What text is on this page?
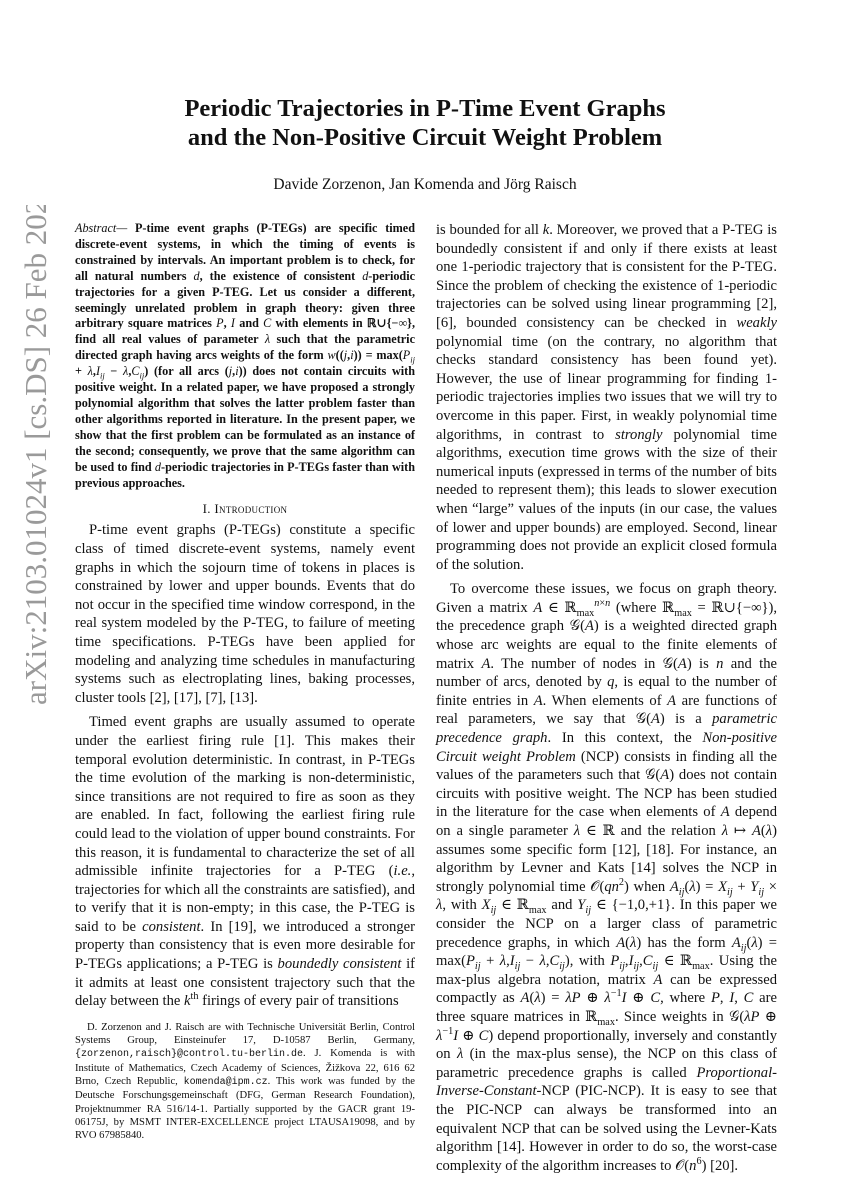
arXiv:2103.01024v1 [cs.DS] 26 Feb 2021
Periodic Trajectories in P-Time Event Graphs
and the Non-Positive Circuit Weight Problem
Davide Zorzenon, Jan Komenda and Jörg Raisch

Abstract— P-time event graphs (P-TEGs) are specific timed discrete-event systems, in which the timing of events is constrained by intervals. An important problem is to check, for all natural numbers d, the existence of consistent d-periodic trajectories for a given P-TEG. Let us consider a different, seemingly unrelated problem in graph theory: given three arbitrary square matrices P, I and C with elements in ℝ∪{−∞}, find all real values of parameter λ such that the parametric directed graph having arcs weights of the form $w((j,i)) = \max(P_{ij} + \lambda,I_{ij} - \lambda,C_{ij})$ (for all arcs (j,i)) does not contain circuits with positive weight. In a related paper, we have proposed a strongly polynomial algorithm that solves the latter problem faster than other algorithms reported in literature. In the present paper, we show that the first problem can be formulated as an instance of the second; consequently, we prove that the same algorithm can be used to find d-periodic trajectories in P-TEGs faster than with previous approaches.

I. Introduction

P-time event graphs (P-TEGs) constitute a specific class of timed discrete-event systems, namely event graphs in which the sojourn time of tokens in places is constrained by lower and upper bounds. Events that do not occur in the specified time window correspond, in the real system modeled by the P-TEG, to failure of meeting time specifications. P-TEGs have been applied for modeling and analyzing time schedules in manufacturing systems such as electroplating lines, baking processes, cluster tools [2], [17], [7], [13].

Timed event graphs are usually assumed to operate under the earliest firing rule [1]. This makes their temporal evolution deterministic. In contrast, in P-TEGs the time evolution of the marking is non-deterministic, since transitions are not required to fire as soon as they are enabled. In fact, following the earliest firing rule could lead to the violation of upper bound constraints. For this reason, it is fundamental to characterize the set of all admissible infinite trajectories for a P-TEG (i.e., trajectories for which all the constraints are satisfied), and to verify that it is non-empty; in this case, the P-TEG is said to be consistent. In [19], we introduced a stronger property than consistency that is even more desirable for P-TEGs applications; a P-TEG is boundedly consistent if it admits at least one consistent trajectory such that the delay between the $k^{th}$ firings of every pair of transitions

D. Zorzenon and J. Raisch are with Technische Universität Berlin, Control Systems Group, Einsteinufer 17, D-10587 Berlin, Germany, {zorzenon,raisch}@control.tu-berlin.de. J. Komenda is with Institute of Mathematics, Czech Academy of Sciences, Žižkova 22, 616 62 Brno, Czech Republic, komenda@ipm.cz. This work was funded by the Deutsche Forschungsgemeinschaft (DFG, German Research Foundation), Projektnummer RA 516/14-1. Partially supported by the GACR grant 19-06175J, by MSMT INTER-EXCELLENCE project LTAUSA19098, and by RVO 67985840.

is bounded for all k. Moreover, we proved that a P-TEG is boundedly consistent if and only if there exists at least one 1-periodic trajectory that is consistent for the P-TEG. Since the problem of checking the existence of 1-periodic trajectories can be solved using linear programming [2], [6], bounded consistency can be checked in weakly polynomial time (on the contrary, no algorithm that checks standard consistency has been found yet). However, the use of linear programming for finding 1-periodic trajectories implies two issues that we will try to overcome in this paper. First, in weakly polynomial time algorithms, in contrast to strongly polynomial time algorithms, execution time grows with the size of their numerical inputs (expressed in terms of the number of bits needed to represent them); this leads to slower execution when “large” values of the inputs (in our case, the values of lower and upper bounds) are employed. Second, linear programming does not provide an explicit closed formula of the solution.

To overcome these issues, we focus on graph theory. Given a matrix A ∈ ℝ$_{max}^{n\times n}$ (where ℝ$_{max}$ = ℝ∪{−∞}), the precedence graph 𝒢(A) is a weighted directed graph whose arc weights are equal to the finite elements of matrix A. The number of nodes in 𝒢(A) is n and the number of arcs, denoted by q, is equal to the number of finite entries in A. When elements of A are functions of real parameters, we say that 𝒢(A) is a parametric precedence graph. In this context, the Non-positive Circuit weight Problem (NCP) consists in finding all the values of the parameters such that 𝒢(A) does not contain circuits with positive weight. The NCP has been studied in the literature for the case when elements of A depend on a single parameter λ ∈ ℝ and the relation λ ↦ A(λ) assumes some specific form [12], [18]. For instance, an algorithm by Levner and Kats [14] solves the NCP in strongly polynomial time $𝒪(qn^2)$ when $A_{ij}(\lambda) = X_{ij} + Y_{ij} \times \lambda$, with $X_{ij}$ ∈ ℝ$_{max}$ and $Y_{ij}$ ∈ {−1,0,+1}. In this paper we consider the NCP on a larger class of parametric precedence graphs, in which A(λ) has the form $A_{ij}(\lambda) = \max(P_{ij} + \lambda,I_{ij} - \lambda,C_{ij})$, with $P_{ij},I_{ij},C_{ij}$ ∈ ℝ$_{max}$. Using the max-plus algebra notation, matrix A can be expressed compactly as A(λ) = λP ⊕ $\lambda^{-1}I$ ⊕ C, where P, I, C are three square matrices in ℝ$_{max}$. Since weights in 𝒢(λP ⊕ $\lambda^{-1}I$ ⊕ C) depend proportionally, inversely and constantly on λ (in the max-plus sense), the NCP on this class of parametric precedence graphs is called Proportional-Inverse-Constant-NCP (PIC-NCP). It is easy to see that the PIC-NCP can always be transformed into an equivalent NCP that can be solved using the Levner-Kats algorithm [14]. However in order to do so, the worst-case complexity of the algorithm increases to $𝒪(n^6)$ [20].
